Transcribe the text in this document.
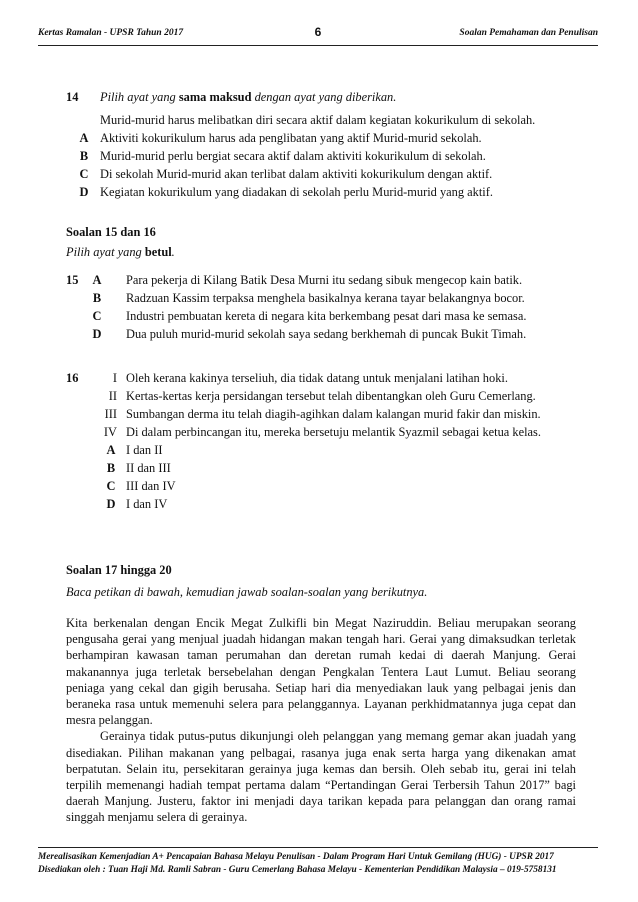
Kertas Ramalan - UPSR Tahun 2017	6	Soalan Pemahaman dan Penulisan
14 Pilih ayat yang sama maksud dengan ayat yang diberikan.
Murid-murid harus melibatkan diri secara aktif dalam kegiatan kokurikulum di sekolah.
A Aktiviti kokurikulum harus ada penglibatan yang aktif Murid-murid sekolah.
B Murid-murid perlu bergiat secara aktif dalam aktiviti kokurikulum di sekolah.
C Di sekolah Murid-murid akan terlibat dalam aktiviti kokurikulum dengan aktif.
D Kegiatan kokurikulum yang diadakan di sekolah perlu Murid-murid yang aktif.
Soalan 15 dan 16
Pilih ayat yang betul.
15 A Para pekerja di Kilang Batik Desa Murni itu sedang sibuk mengecop kain batik.
B Radzuan Kassim terpaksa menghela basikalnya kerana tayar belakangnya bocor.
C Industri pembuatan kereta di negara kita berkembang pesat dari masa ke semasa.
D Dua puluh murid-murid sekolah saya sedang berkhemah di puncak Bukit Timah.
16	I Oleh kerana kakinya terseliuh, dia tidak datang untuk menjalani latihan hoki.
II Kertas-kertas kerja persidangan tersebut telah dibentangkan oleh Guru Cemerlang.
III Sumbangan derma itu telah diagih-agihkan dalam kalangan murid fakir dan miskin.
IV Di dalam perbincangan itu, mereka bersetuju melantik Syazmil sebagai ketua kelas.
A I dan II
B II dan III
C III dan IV
D I dan IV
Soalan 17 hingga 20
Baca petikan di bawah, kemudian jawab soalan-soalan yang berikutnya.

Kita berkenalan dengan Encik Megat Zulkifli bin Megat Naziruddin. Beliau merupakan seorang pengusaha gerai yang menjual juadah hidangan makan tengah hari. Gerai yang dimaksudkan terletak berhampiran kawasan taman perumahan dan deretan rumah kedai di daerah Manjung. Gerai makanannya juga terletak bersebelahan dengan Pengkalan Tentera Laut Lumut. Beliau seorang peniaga yang cekal dan gigih berusaha. Setiap hari dia menyediakan lauk yang pelbagai jenis dan beraneka rasa untuk memenuhi selera para pelanggannya. Layanan perkhidmatannya juga cepat dan mesra pelanggan.

Gerainya tidak putus-putus dikunjungi oleh pelanggan yang memang gemar akan juadah yang disediakan. Pilihan makanan yang pelbagai, rasanya juga enak serta harga yang dikenakan amat berpatutan. Selain itu, persekitaran gerainya juga kemas dan bersih. Oleh sebab itu, gerai ini telah terpilih memenangi hadiah tempat pertama dalam “Pertandingan Gerai Terbersih Tahun 2017” bagi daerah Manjung. Justeru, faktor ini menjadi daya tarikan kepada para pelanggan dan orang ramai singgah menjamu selera di gerainya.

Merealisasikan Kemenjadian A+ Pencapaian Bahasa Melayu Penulisan - Dalam Program Hari Untuk Gemilang (HUG) - UPSR 2017
Disediakan oleh : Tuan Haji Md. Ramli Sabran - Guru Cemerlang Bahasa Melayu - Kementerian Pendidikan Malaysia – 019-5758131
